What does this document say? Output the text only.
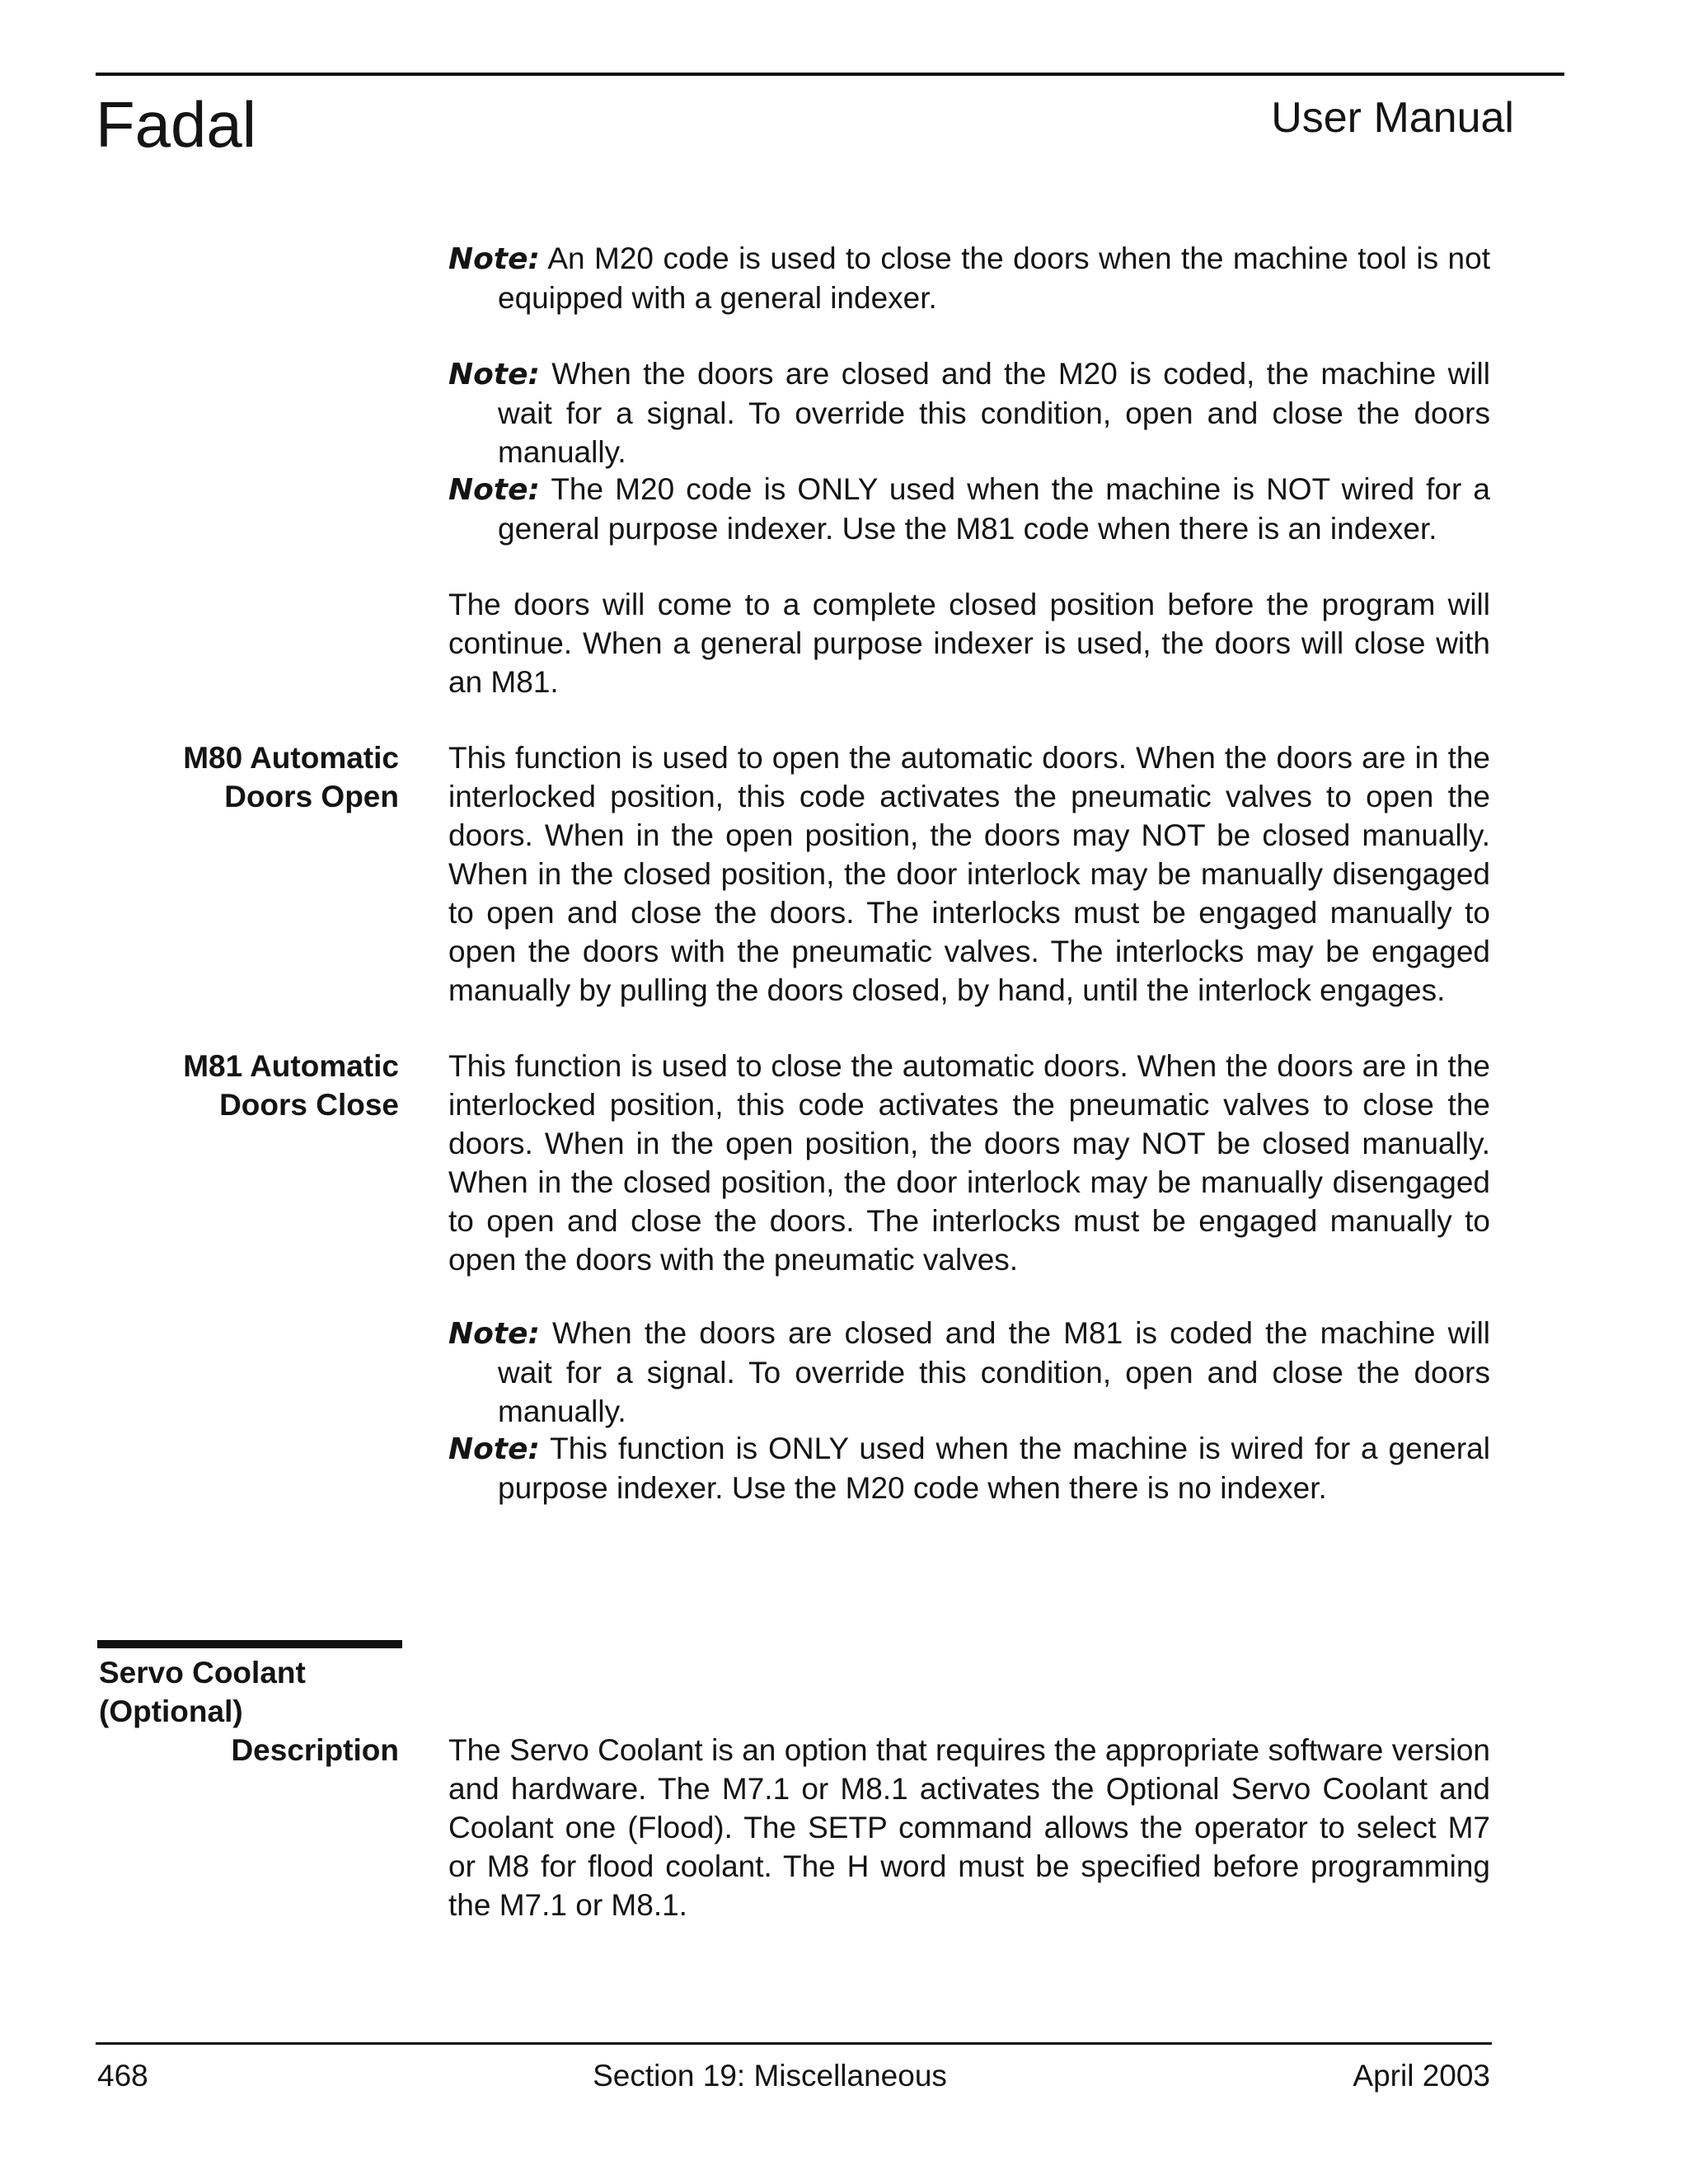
Fadal	User Manual

Note: An M20 code is used to close the doors when the machine tool is not equipped with a general indexer.

Note: When the doors are closed and the M20 is coded, the machine will wait for a signal. To override this condition, open and close the doors manually.

Note: The M20 code is ONLY used when the machine is NOT wired for a general purpose indexer. Use the M81 code when there is an indexer.

The doors will come to a complete closed position before the program will continue. When a general purpose indexer is used, the doors will close with an M81.

M80 Automatic
Doors Open

This function is used to open the automatic doors. When the doors are in the interlocked position, this code activates the pneumatic valves to open the doors. When in the open position, the doors may NOT be closed manually. When in the closed position, the door interlock may be manually disengaged to open and close the doors. The interlocks must be engaged manually to open the doors with the pneumatic valves. The interlocks may be engaged manually by pulling the doors closed, by hand, until the interlock engages.

M81 Automatic
Doors Close

This function is used to close the automatic doors. When the doors are in the interlocked position, this code activates the pneumatic valves to close the doors. When in the open position, the doors may NOT be closed manually. When in the closed position, the door interlock may be manually disengaged to open and close the doors. The interlocks must be engaged manually to open the doors with the pneumatic valves.

Note: When the doors are closed and the M81 is coded the machine will wait for a signal. To override this condition, open and close the doors manually.

Note: This function is ONLY used when the machine is wired for a general purpose indexer. Use the M20 code when there is no indexer.

Servo Coolant
(Optional)
Description The Servo Coolant is an option that requires the appropriate software version and hardware. The M7.1 or M8.1 activates the Optional Servo Coolant and Coolant one (Flood). The SETP command allows the operator to select M7 or M8 for flood coolant. The H word must be specified before programming the M7.1 or M8.1.

468	Section 19: Miscellaneous	April 2003
